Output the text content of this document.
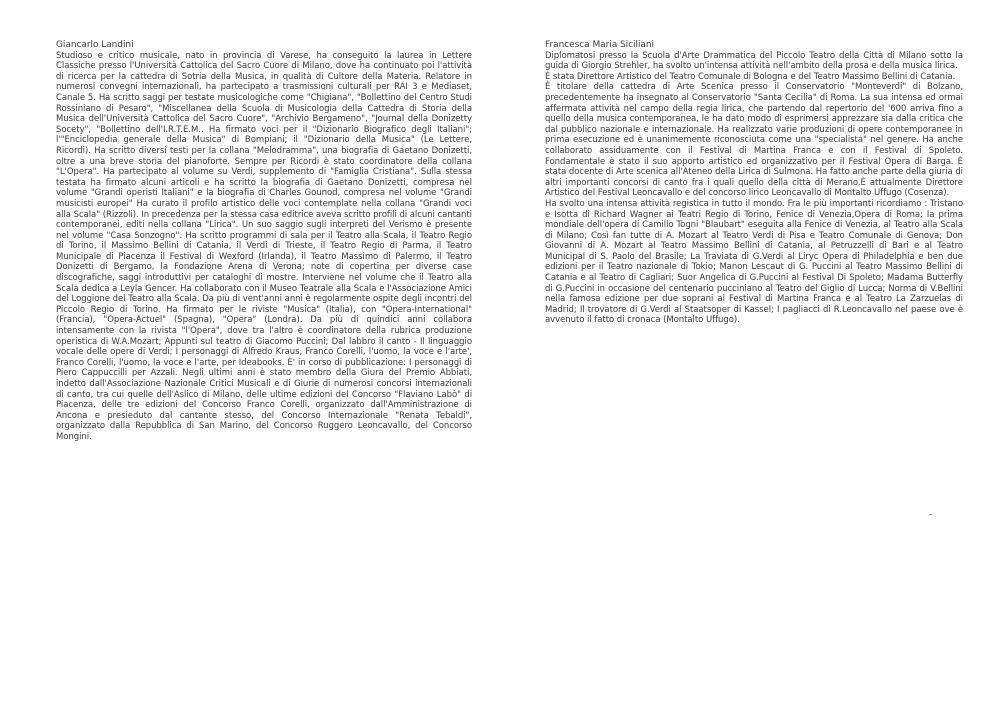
Giancarlo Landini

Studioso e critico musicale, nato in provincia di Varese, ha conseguito la laurea in Lettere Classiche presso l'Università Cattolica del Sacro Cuore di Milano, dove ha continuato poi l'attività di ricerca per la cattedra di Sotria della Musica, in qualità di Cultore della Materia. Relatore in numerosi convegni internazionali, ha partecipato a trasmissioni culturali per RAI 3 e Mediaset, Canale 5. Ha scritto saggi per testate musicologiche come "Chigiana", "Bollettino del Centro Studi Rossiniano di Pesaro", "Miscellanea della Scuola di Musicologia della Cattedra di Storia della Musica dell'Università Cattolica del Sacro Cuore", "Archivio Bergameno", "Journal della Donizetty Socety", "Bollettino dell'I.R.T.E.M.. Ha firmato voci per il "Dizionario Biografico degli Italiani"; l'"Enciclopedia generale della Musica" di Bompiani; il "Dizionario della Musica" (Le Lettere, Ricordi). Ha scritto diversi testi per la collana "Melodramma", una biografia di Gaetano Donizetti, oltre a una breve storia del pianoforte. Sempre per Ricordi è stato coordinatore della collana "L'Opera". Ha partecipato al volume su Verdi, supplemento di "Famiglia Cristiana". Sulla stessa testata ha firmato alcuni articoli e ha scritto la biografia di Gaetano Donizetti, compresa nel volume "Grandi operisti Italiani" e la biografia di Charles Gounod, compresa nel volume "Grandi musicisti europei" Ha curato il profilo artistico delle voci contemplate nella collana "Grandi voci alla Scala" (Rizzoli). In precedenza per la stessa casa editrice aveva scritto profili di alcuni cantanti contemporanei, editi nella collana "Lirica". Un suo saggio sugli interpreti del Verismo è presente nel volume "Casa Sonzogno". Ha scritto programmi di sala per il Teatro alla Scala, il Teatro Regio di Torino, il Massimo Bellini di Catania, il Verdi di Trieste, il Teatro Regio di Parma, il Teatro Municipale di Piacenza il Festival di Wexford (Irlanda), il Teatro Massimo di Palermo, il Teatro Donizetti di Bergamo, la Fondazione Arena di Verona; note di copertina per diverse case discografiche, saggi introduttivi per cataloghi di mostre. Interviene nel volume che il Teatro alla Scala dedica a Leyla Gencer. Ha collaborato con il Museo Teatrale alla Scala e l'Associazione Amici del Loggione del Teatro alla Scala. Da più di vent'anni anni è regolarmente ospite degli incontri del Piccolo Regio di Torino. Ha firmato per le riviste "Musica" (Italia), con "Opera-International" (Francia), "Opera-Actuel" (Spagna), "Opera" (Londra). Da più di quindici anni collabora intensamente con la rivista "l'Opera", dove tra l'altro è coordinatore della rubrica produzione operistica di W.A.Mozart; Appunti sul teatro di Giacomo Puccini; Dal labbro il canto - Il linguaggio vocale delle opere di Verdi; I personaggi di Alfredo Kraus, Franco Corelli, l'uomo, la voce e l'arte', Franco Corelli, l'uomo, la voce e l'arte, per Ideabooks. E' in corso di pubblicazione: I personaggi di Piero Cappuccilli per Azzali. Negli ultimi anni è stato membro della Giura del Premio Abbiati, indetto dall'Associazione Nazionale Critici Musicali e di Giurie di numerosi concorsi internazionali di canto, tra cui quelle dell'Aslico di Milano, delle ultime edizioni del Concorso "Flaviano Labò" di Piacenza, delle tre edizioni del Concorso Franco Corelli, organizzato dall'Amministrazione di Ancona e presieduto dal cantante stesso, del Concorso Internazionale "Renata Tebaldi", organizzato dalla Repubblica di San Marino, del Concorso Ruggero Leoncavallo, del Concorso Mongini.

Francesca Maria Siciliani

Diplomatosi presso la Scuola d'Arte Drammatica del Piccolo Teatro della Città di Milano sotto la guida di Giorgio Strehler, ha svolto un'intensa attività nell'ambito della prosa e della musica lirica.

È stata Direttore Artistico del Teatro Comunale di Bologna e del Teatro Massimo Bellini di Catania.

È titolare della cattedra di Arte Scenica presso il Conservatorio "Monteverdi" di Bolzano, precedentemente ha insegnato al Conservatorio "Santa Cecilia" di Roma. La sua intensa ed ormai affermata attività nel campo della regia lirica, che partendo dal repertorio del '600 arriva fino a quello della musica contemporanea, le ha dato modo di esprimersi apprezzare sia dalla critica che dal pubblico nazionale e internazionale. Ha realizzato varie produzioni di opere contemporanee in prima esecuzione ed è unanimemente riconosciuta come una "specialista" nel genere. Ha anche collaborato assiduamente con il Festival di Martina Franca e con il Festival di Spoleto. Fondamentale è stato il suo apporto artistico ed organizzativo per il Festival Opera di Barga. È stata docente di Arte scenica all'Ateneo della Lirica di Sulmona. Ha fatto anche parte della giuria di altri importanti concorsi di canto fra i quali quello della città di Merano.È attualmente Direttore Artistico del Festival Leoncavallo e del concorso lirico Leoncavallo di Montalto Uffugo (Cosenza).

Ha svolto una intensa attività registica in tutto il mondo. Fra le più importanti ricordiamo : Tristano e Isotta di Richard Wagner ai Teatri Regio di Torino, Fenice di Venezia,Opera di Roma; la prima mondiale dell'opera di Camillo Togni "Blaubart" eseguita alla Fenice di Venezia, al Teatro alla Scala di Milano; Così fan tutte di A. Mozart al Teatro Verdi di Pisa e Teatro Comunale di Genova; Don Giovanni di A. Mozart al Teatro Massimo Bellini di Catania, al Petruzzelli di Bari e al Teatro Municipal di S. Paolo del Brasile; La Traviata di G.Verdi al Liryc Opera di Philadelphia e ben due edizioni per il Teatro nazionale di Tokio; Manon Lescaut di G. Puccini al Teatro Massimo Bellini di Catania e al Teatro di Cagliari; Suor Angelica di G.Puccini al Festival Di Spoleto; Madama Butterfly di G.Puccini in occasione del centenario pucciniano al Teatro del Giglio di Lucca; Norma di V.Bellini nella famosa edizione per due soprani al Festival di Martina Franca e al Teatro La Zarzuelas di Madrid; Il trovatore di G.Verdi al Staatsoper di Kassel; I pagliacci di R.Leoncavallo nel paese ove è avvenuto il fatto di cronaca (Montalto Uffugo).

-
